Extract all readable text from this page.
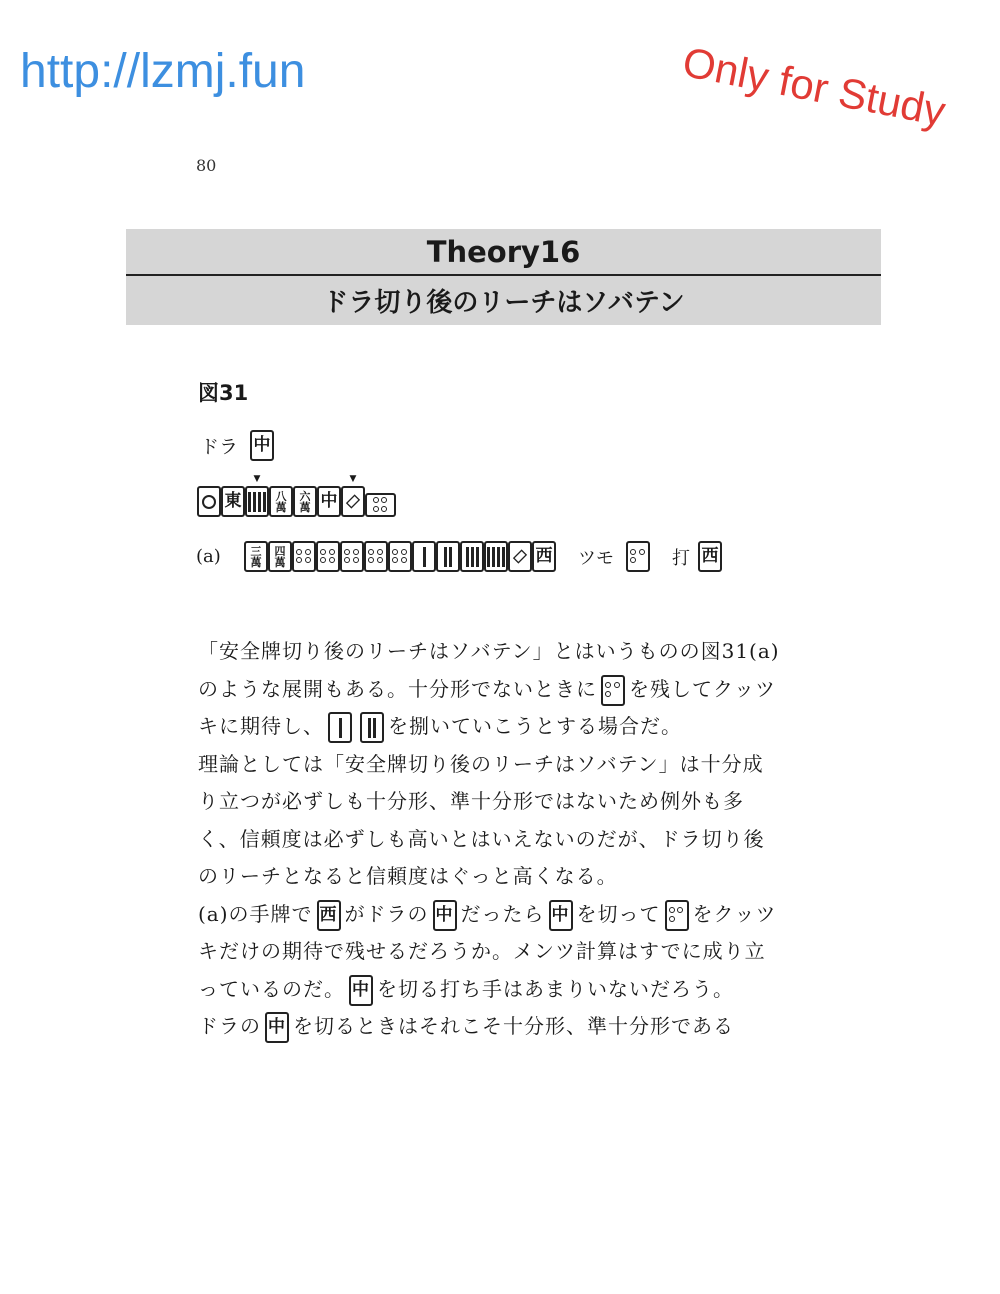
http://lzmj.fun	Only for Study
80
Theory16
ドラ切り後のリーチはソバテン
図31
ドラ 中
東
▼	八
萬
六
萬 中
▼
(a)	三
萬
四
萬	西 ツモ	打 西

「安全牌切り後のリーチはソバテン」とはいうものの図31(a)のような展開もある。十分形でないときに を残してクッツキに期待し、	を捌いていこうとする場合だ。

理論としては「安全牌切り後のリーチはソバテン」は十分成り立つが必ずしも十分形、準十分形ではないため例外も多く、信頼度は必ずしも高いとはいえないのだが、ドラ切り後のリーチとなると信頼度はぐっと高くなる。

(a)の手牌で 西 がドラの 中 だったら 中 を切って をクッツキだけの期待で残せるだろうか。メンツ計算はすでに成り立っているのだ。 中 を切る打ち手はあまりいないだろう。

ドラの 中 を切るときはそれこそ十分形、準十分形である
